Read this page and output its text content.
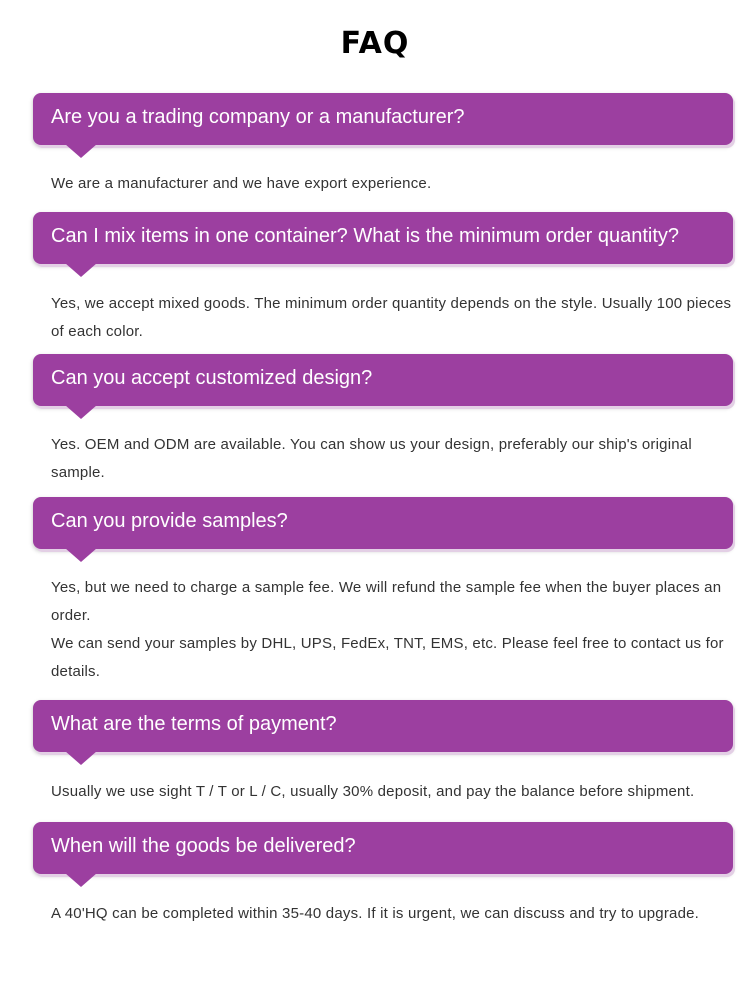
FAQ
Are you a trading company or a manufacturer?

We are a manufacturer and we have export experience.

Can I mix items in one container? What is the minimum order quantity?

Yes, we accept mixed goods. The minimum order quantity depends on the style. Usually 100 pieces of each color.

Can you accept customized design?

Yes. OEM and ODM are available. You can show us your design, preferably our ship's original sample.

Can you provide samples?

Yes, but we need to charge a sample fee. We will refund the sample fee when the buyer places an order.

We can send your samples by DHL, UPS, FedEx, TNT, EMS, etc. Please feel free to contact us for details.

What are the terms of payment?

Usually we use sight T / T or L / C, usually 30% deposit, and pay the balance before shipment.

When will the goods be delivered?

A 40'HQ can be completed within 35-40 days. If it is urgent, we can discuss and try to upgrade.
